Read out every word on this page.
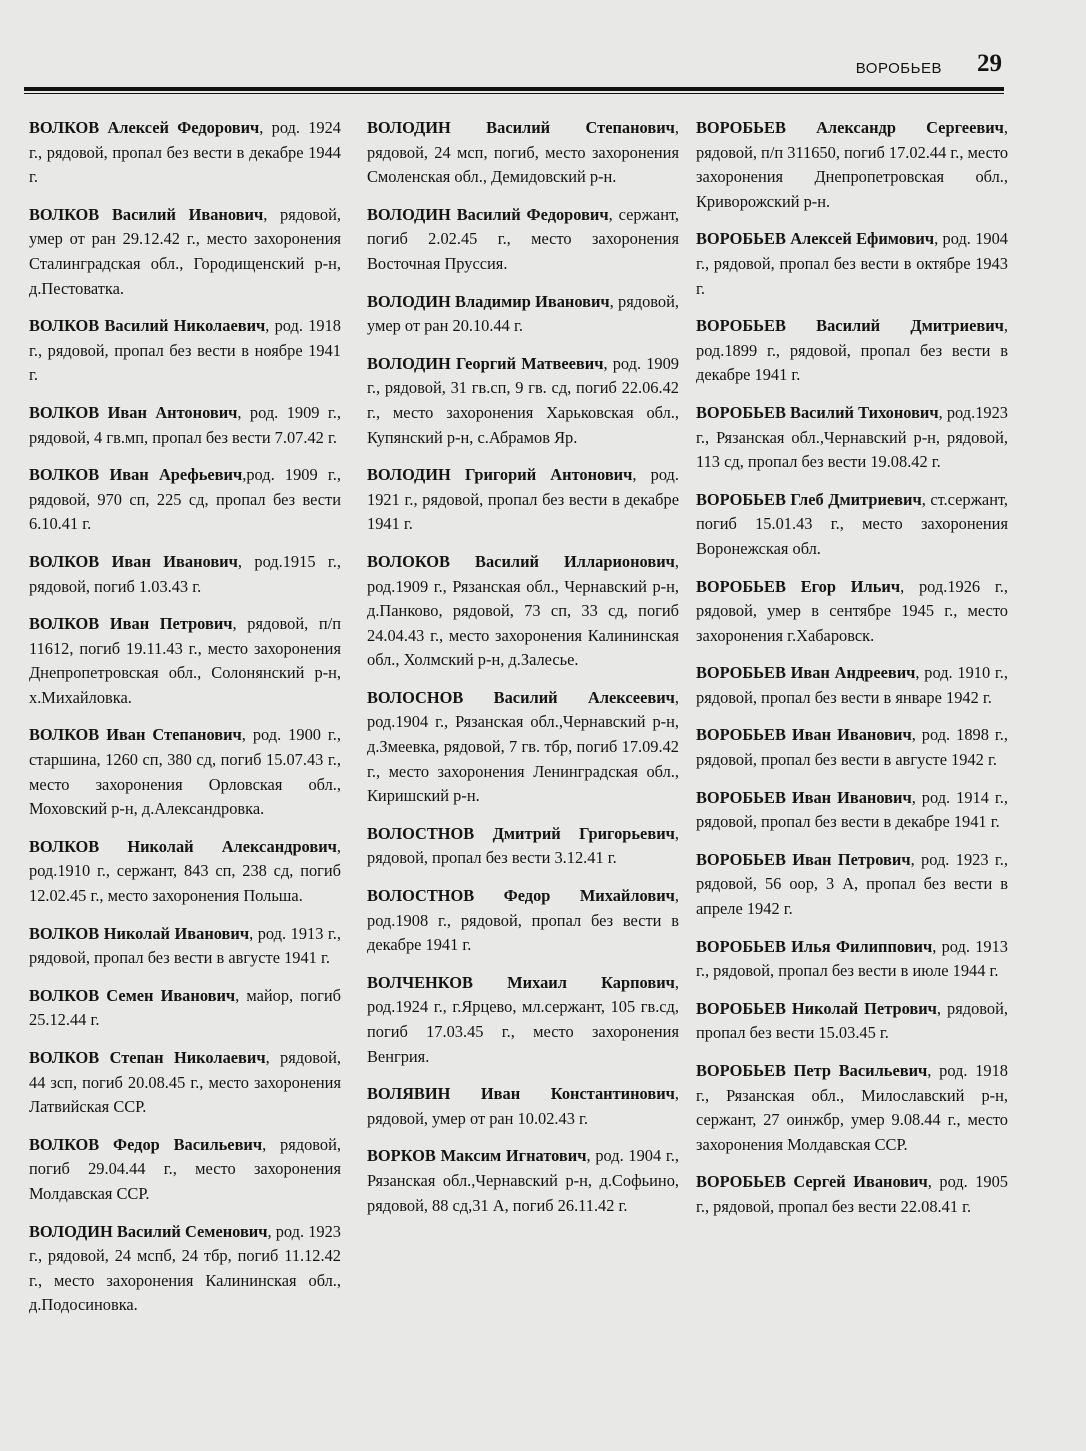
ВОРОБЬЕВ 29

ВОЛКОВ Алексей Федорович, род. 1924 г., рядовой, пропал без вести в декабре 1944 г.

ВОЛКОВ Василий Иванович, рядовой, умер от ран 29.12.42 г., место захоронения Сталинградская обл., Городищенский р-н, д.Пестоватка.

ВОЛКОВ Василий Николаевич, род. 1918 г., рядовой, пропал без вести в ноябре 1941 г.

ВОЛКОВ Иван Антонович, род. 1909 г., рядовой, 4 гв.мп, пропал без вести 7.07.42 г.

ВОЛКОВ Иван Арефьевич,род. 1909 г., рядовой, 970 сп, 225 сд, пропал без вести 6.10.41 г.

ВОЛКОВ Иван Иванович, род.1915 г., рядовой, погиб 1.03.43 г.

ВОЛКОВ Иван Петрович, рядовой, п/п 11612, погиб 19.11.43 г., место захоронения Днепропетровская обл., Солонянский р-н, х.Михайловка.

ВОЛКОВ Иван Степанович, род. 1900 г., старшина, 1260 сп, 380 сд, погиб 15.07.43 г., место захоронения Орловская обл., Моховский р-н, д.Александровка.

ВОЛКОВ Николай Александрович, род.1910 г., сержант, 843 сп, 238 сд, погиб 12.02.45 г., место захоронения Польша.

ВОЛКОВ Николай Иванович, род. 1913 г., рядовой, пропал без вести в августе 1941 г.

ВОЛКОВ Семен Иванович, майор, погиб 25.12.44 г.

ВОЛКОВ Степан Николаевич, рядовой, 44 зсп, погиб 20.08.45 г., место захоронения Латвийская ССР.

ВОЛКОВ Федор Васильевич, рядовой, погиб 29.04.44 г., место захоронения Молдавская ССР.

ВОЛОДИН Василий Семенович, род. 1923 г., рядовой, 24 мспб, 24 тбр, погиб 11.12.42 г., место захоронения Калининская обл., д.Подосиновка.

ВОЛОДИН Василий Степанович, рядовой, 24 мсп, погиб, место захоронения Смоленская обл., Демидовский р-н.

ВОЛОДИН Василий Федорович, сержант, погиб 2.02.45 г., место захоронения Восточная Пруссия.

ВОЛОДИН Владимир Иванович, рядовой, умер от ран 20.10.44 г.

ВОЛОДИН Георгий Матвеевич, род. 1909 г., рядовой, 31 гв.сп, 9 гв. сд, погиб 22.06.42 г., место захоронения Харьковская обл., Купянский р-н, с.Абрамов Яр.

ВОЛОДИН Григорий Антонович, род. 1921 г., рядовой, пропал без вести в декабре 1941 г.

ВОЛОКОВ Василий Илларионович, род.1909 г., Рязанская обл., Чернавский р-н, д.Панково, рядовой, 73 сп, 33 сд, погиб 24.04.43 г., место захоронения Калининская обл., Холмский р-н, д.Залесье.

ВОЛОСНОВ Василий Алексеевич, род.1904 г., Рязанская обл.,Чернавский р-н, д.Змеевка, рядовой, 7 гв. тбр, погиб 17.09.42 г., место захоронения Ленинградская обл., Киришский р-н.

ВОЛОСТНОВ Дмитрий Григорьевич, рядовой, пропал без вести 3.12.41 г.

ВОЛОСТНОВ Федор Михайлович, род.1908 г., рядовой, пропал без вести в декабре 1941 г.

ВОЛЧЕНКОВ Михаил Карпович, род.1924 г., г.Ярцево, мл.сержант, 105 гв.сд, погиб 17.03.45 г., место захоронения Венгрия.

ВОЛЯВИН Иван Константинович, рядовой, умер от ран 10.02.43 г.

ВОРКОВ Максим Игнатович, род. 1904 г., Рязанская обл.,Чернавский р-н, д.Софьино, рядовой, 88 сд,31 А, погиб 26.11.42 г.

ВОРОБЬЕВ Александр Сергеевич, рядовой, п/п 311650, погиб 17.02.44 г., место захоронения Днепропетровская обл., Криворожский р-н.

ВОРОБЬЕВ Алексей Ефимович, род. 1904 г., рядовой, пропал без вести в октябре 1943 г.

ВОРОБЬЕВ Василий Дмитриевич, род.1899 г., рядовой, пропал без вести в декабре 1941 г.

ВОРОБЬЕВ Василий Тихонович, род.1923 г., Рязанская обл.,Чернавский р-н, рядовой, 113 сд, пропал без вести 19.08.42 г.

ВОРОБЬЕВ Глеб Дмитриевич, ст.сержант, погиб 15.01.43 г., место захоронения Воронежская обл.

ВОРОБЬЕВ Егор Ильич, род.1926 г., рядовой, умер в сентябре 1945 г., место захоронения г.Хабаровск.

ВОРОБЬЕВ Иван Андреевич, род. 1910 г., рядовой, пропал без вести в январе 1942 г.

ВОРОБЬЕВ Иван Иванович, род. 1898 г., рядовой, пропал без вести в августе 1942 г.

ВОРОБЬЕВ Иван Иванович, род. 1914 г., рядовой, пропал без вести в декабре 1941 г.

ВОРОБЬЕВ Иван Петрович, род. 1923 г., рядовой, 56 оор, 3 А, пропал без вести в апреле 1942 г.

ВОРОБЬЕВ Илья Филиппович, род. 1913 г., рядовой, пропал без вести в июле 1944 г.

ВОРОБЬЕВ Николай Петрович, рядовой, пропал без вести 15.03.45 г.

ВОРОБЬЕВ Петр Васильевич, род. 1918 г., Рязанская обл., Милославский р-н, сержант, 27 оинжбр, умер 9.08.44 г., место захоронения Молдавская ССР.

ВОРОБЬЕВ Сергей Иванович, род. 1905 г., рядовой, пропал без вести 22.08.41 г.
